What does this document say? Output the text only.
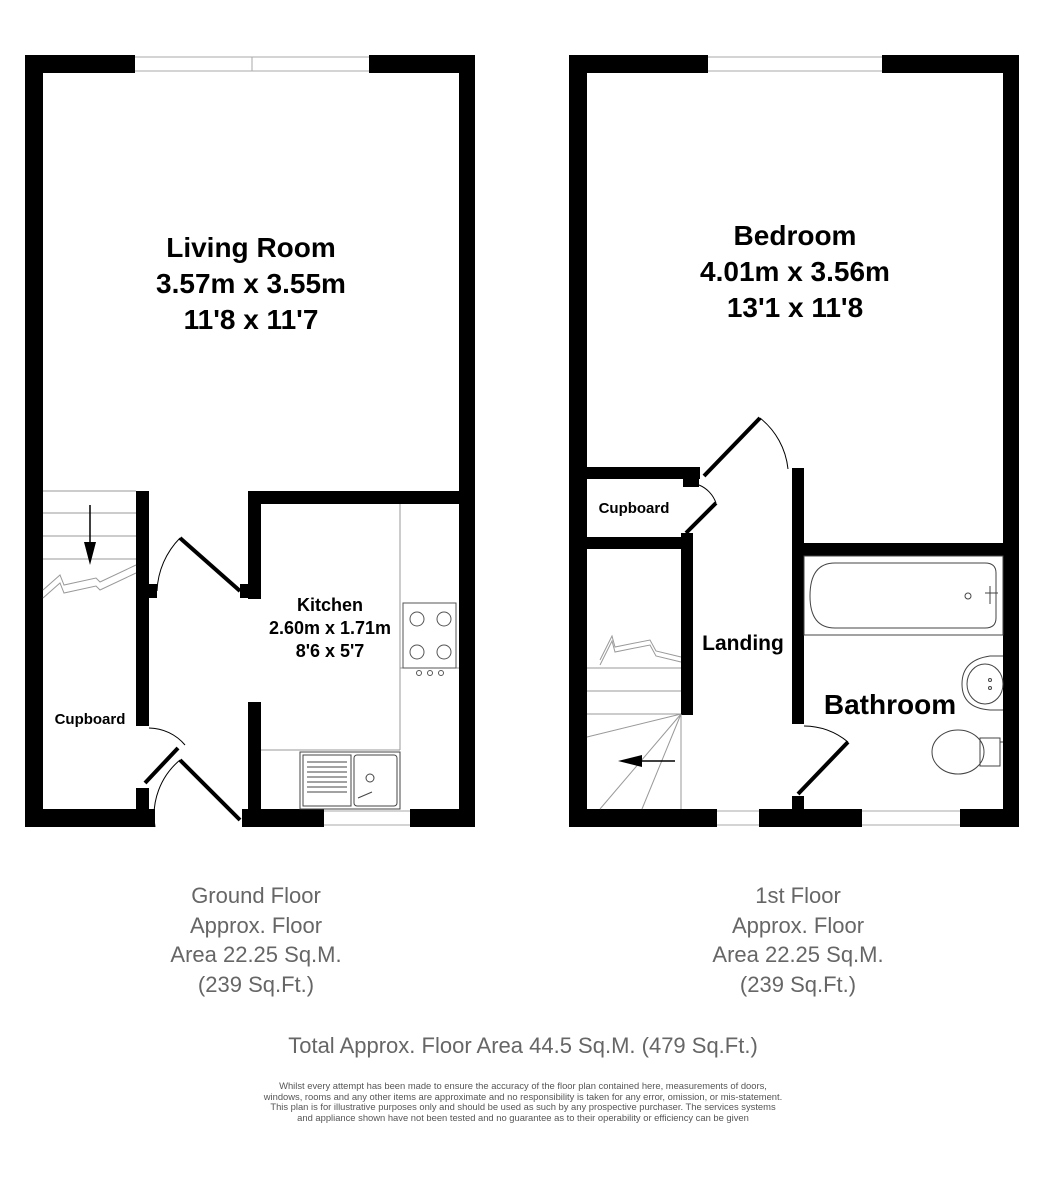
Living Room
3.57m x 3.55m
11'8 x 11'7
Kitchen
2.60m x 1.71m
8'6 x 5'7
Cupboard
Bedroom
4.01m x 3.56m
13'1 x 11'8
Cupboard
Landing
Bathroom
Ground Floor
Approx. Floor
Area 22.25 Sq.M.
(239 Sq.Ft.)
1st Floor
Approx. Floor
Area 22.25 Sq.M.
(239 Sq.Ft.)
Total Approx. Floor Area 44.5 Sq.M. (479 Sq.Ft.)
Whilst every attempt has been made to ensure the accuracy of the floor plan contained here, measurements of doors, windows, rooms and any other items are approximate and no responsibility is taken for any error, omission, or mis-statement. This plan is for illustrative purposes only and should be used as such by any prospective purchaser. The services systems and appliance shown have not been tested and no guarantee as to their operability or efficiency can be given
